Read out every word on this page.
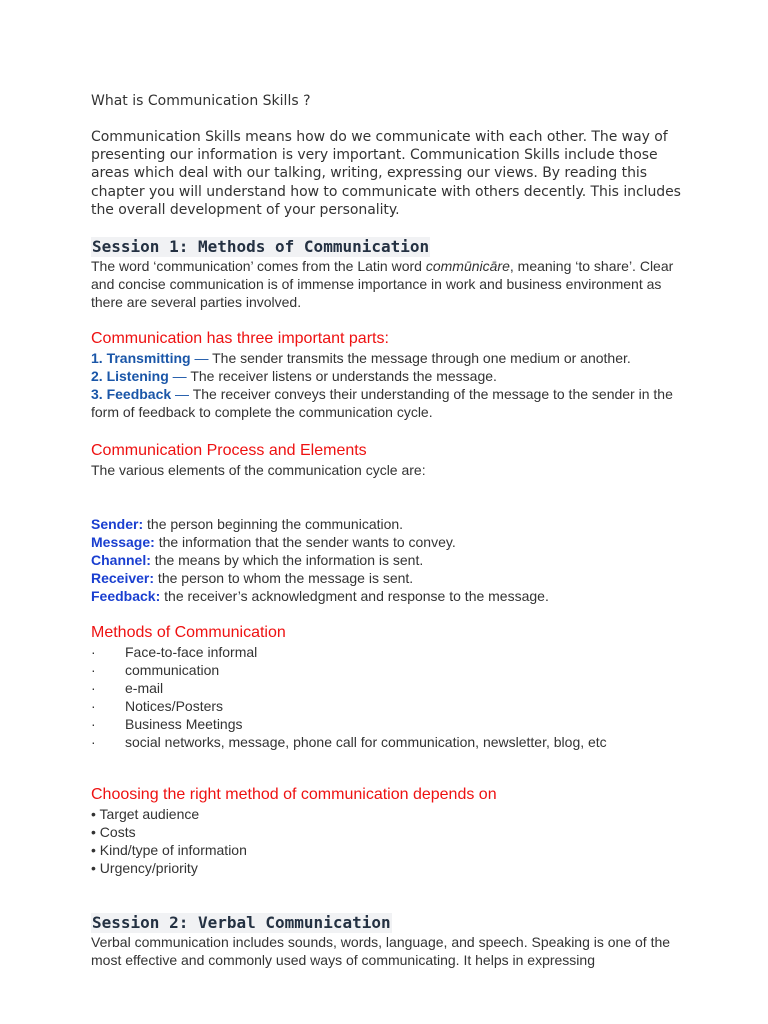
What is Communication Skills ?

Communication Skills means how do we communicate with each other. The way of presenting our information is very important. Communication Skills include those areas which deal with our talking, writing, expressing our views. By reading this chapter you will understand how to communicate with others decently. This includes the overall development of your personality.

Session 1: Methods of Communication

The word ‘communication’ comes from the Latin word commūnicāre, meaning ‘to share’. Clear and concise communication is of immense importance in work and business environment as there are several parties involved.

Communication has three important parts:

1. Transmitting — The sender transmits the message through one medium or another.

2. Listening — The receiver listens or understands the message.

3. Feedback — The receiver conveys their understanding of the message to the sender in the form of feedback to complete the communication cycle.

Communication Process and Elements

The various elements of the communication cycle are:

Sender: the person beginning the communication.

Message: the information that the sender wants to convey.

Channel: the means by which the information is sent.

Receiver: the person to whom the message is sent.

Feedback: the receiver’s acknowledgment and response to the message.

Methods of Communication

·	Face-to-face informal
·	communication
·	e-mail
·	Notices/Posters
·	Business Meetings
·	social networks, message, phone call for communication, newsletter, blog, etc

Choosing the right method of communication depends on

• Target audience

• Costs

• Kind/type of information

• Urgency/priority

Session 2: Verbal Communication

Verbal communication includes sounds, words, language, and speech. Speaking is one of the most effective and commonly used ways of communicating. It helps in expressing
